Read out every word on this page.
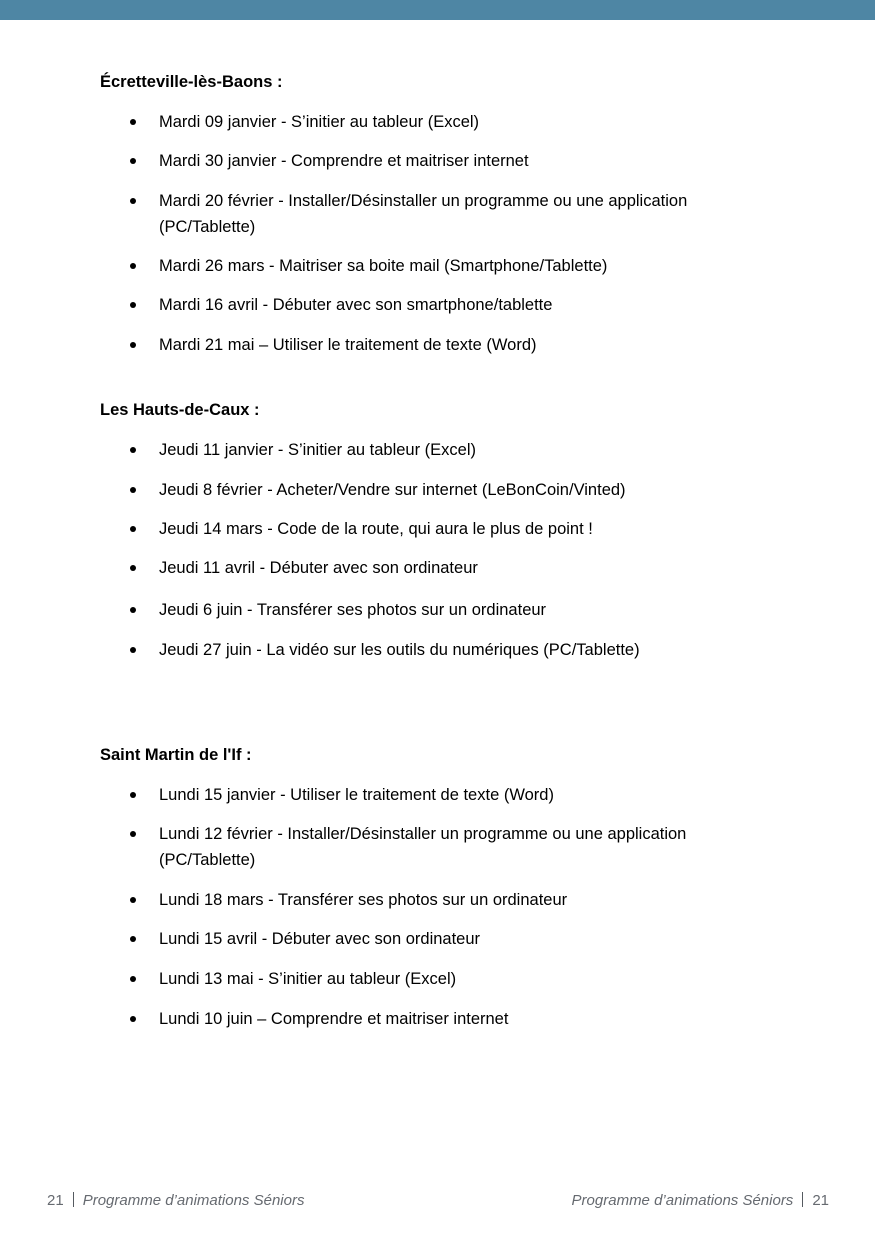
Écretteville-lès-Baons :
Mardi 09 janvier - S’initier au tableur (Excel)
Mardi 30 janvier - Comprendre et maitriser internet
Mardi 20 février - Installer/Désinstaller un programme ou une application (PC/Tablette)
Mardi 26 mars - Maitriser sa boite mail (Smartphone/Tablette)
Mardi 16 avril - Débuter avec son smartphone/tablette
Mardi 21 mai – Utiliser le traitement de texte (Word)
Les Hauts-de-Caux :
Jeudi 11 janvier - S’initier au tableur (Excel)
Jeudi 8 février - Acheter/Vendre sur internet (LeBonCoin/Vinted)
Jeudi 14 mars - Code de la route, qui aura le plus de point !
Jeudi 11 avril - Débuter avec son ordinateur
Jeudi 6 juin - Transférer ses photos sur un ordinateur
Jeudi 27 juin - La vidéo sur les outils du numériques (PC/Tablette)
Saint Martin de l'If :
Lundi 15 janvier - Utiliser le traitement de texte (Word)
Lundi 12 février - Installer/Désinstaller un programme ou une application (PC/Tablette)
Lundi 18 mars - Transférer ses photos sur un ordinateur
Lundi 15 avril - Débuter avec son ordinateur
Lundi 13 mai - S’initier au tableur (Excel)
Lundi 10 juin – Comprendre et maitriser internet
21 Programme d’animations Séniors	Programme d’animations Séniors 21
